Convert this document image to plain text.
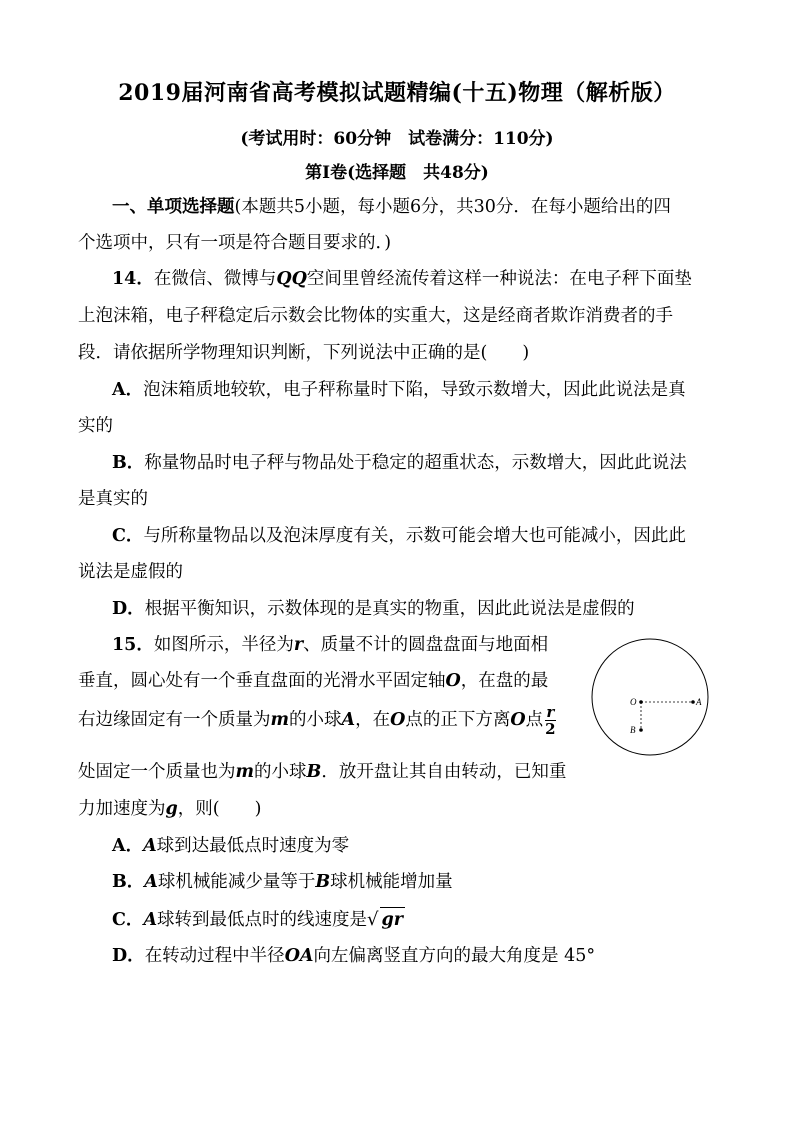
2019届河南省高考模拟试题精编(十五)物理（解析版）
(考试用时：60分钟　试卷满分：110分)
第Ⅰ卷(选择题　共48分)
一、单项选择题(本题共5小题，每小题6分，共30分．在每小题给出的四
个选项中，只有一项是符合题目要求的．)
14．在微信、微博与QQ空间里曾经流传着这样一种说法：在电子秤下面垫
上泡沫箱，电子秤稳定后示数会比物体的实重大，这是经商者欺诈消费者的手
段．请依据所学物理知识判断，下列说法中正确的是(　　)
A．泡沫箱质地较软，电子秤称量时下陷，导致示数增大，因此此说法是真
实的
B．称量物品时电子秤与物品处于稳定的超重状态，示数增大，因此此说法
是真实的
C．与所称量物品以及泡沫厚度有关，示数可能会增大也可能减小，因此此
说法是虚假的
D．根据平衡知识，示数体现的是真实的物重，因此此说法是虚假的
15．如图所示，半径为r、质量不计的圆盘盘面与地面相
垂直，圆心处有一个垂直盘面的光滑水平固定轴O，在盘的最
右边缘固定有一个质量为m的小球A，在O点的正下方离O点 $\frac{r}{2}$
处固定一个质量也为m的小球B．放开盘让其自由转动，已知重
力加速度为g，则(　　)
A．A球到达最低点时速度为零
B．A球机械能减少量等于B球机械能增加量
C．A球转到最低点时的线速度是√ gr
D．在转动过程中半径OA向左偏离竖直方向的最大角度是 45°
O	A
B
